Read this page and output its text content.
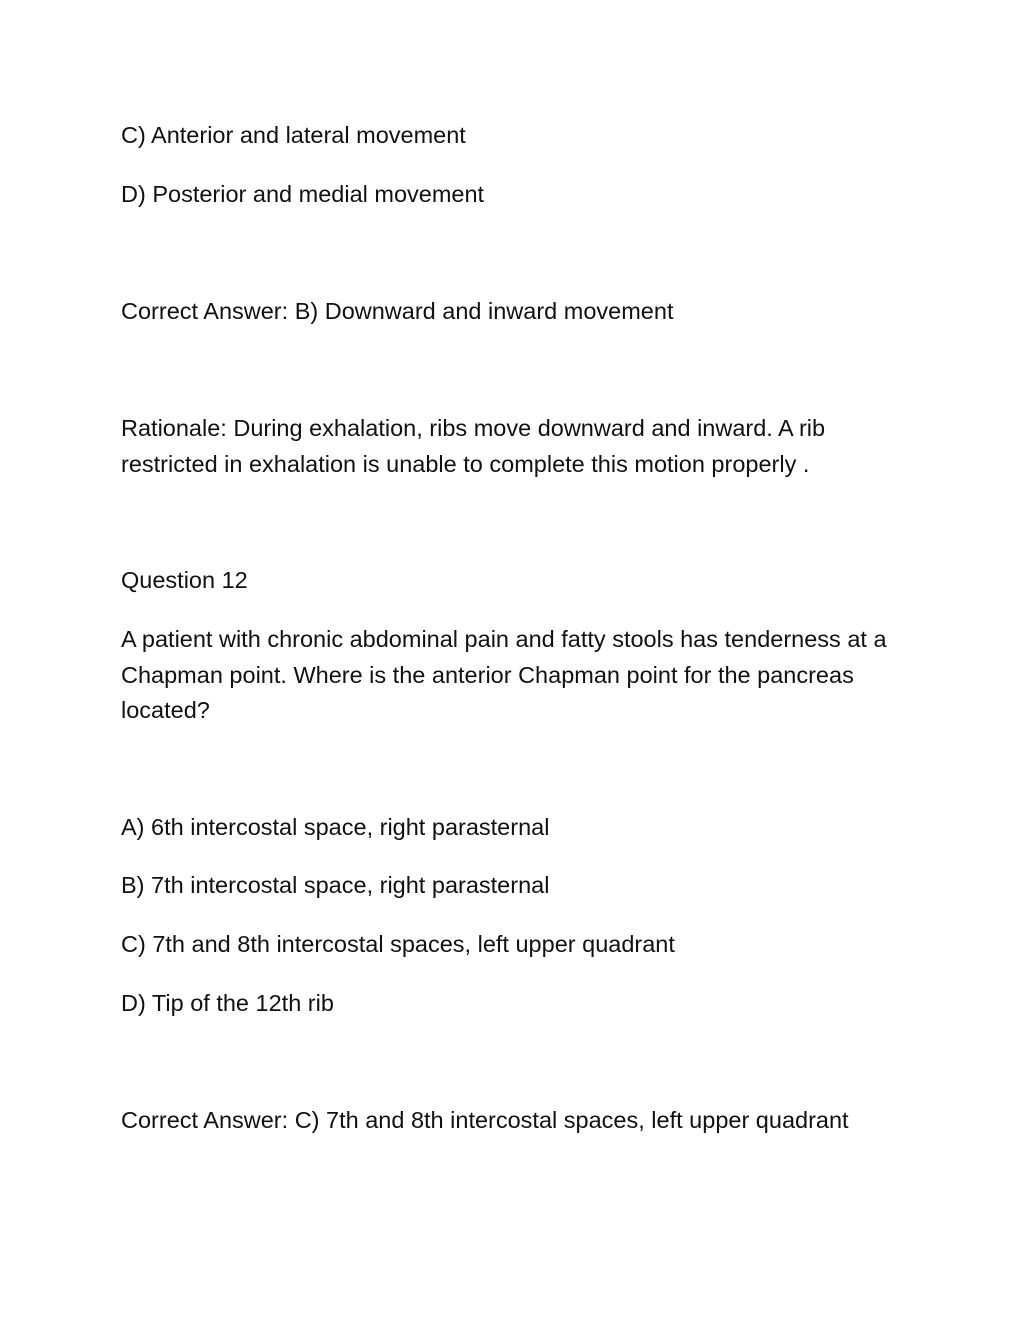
C) Anterior and lateral movement
D) Posterior and medial movement
Correct Answer: B) Downward and inward movement
Rationale: During exhalation, ribs move downward and inward. A rib restricted in exhalation is unable to complete this motion properly .
Question 12
A patient with chronic abdominal pain and fatty stools has tenderness at a Chapman point. Where is the anterior Chapman point for the pancreas located?
A) 6th intercostal space, right parasternal
B) 7th intercostal space, right parasternal
C) 7th and 8th intercostal spaces, left upper quadrant
D) Tip of the 12th rib
Correct Answer: C) 7th and 8th intercostal spaces, left upper quadrant
